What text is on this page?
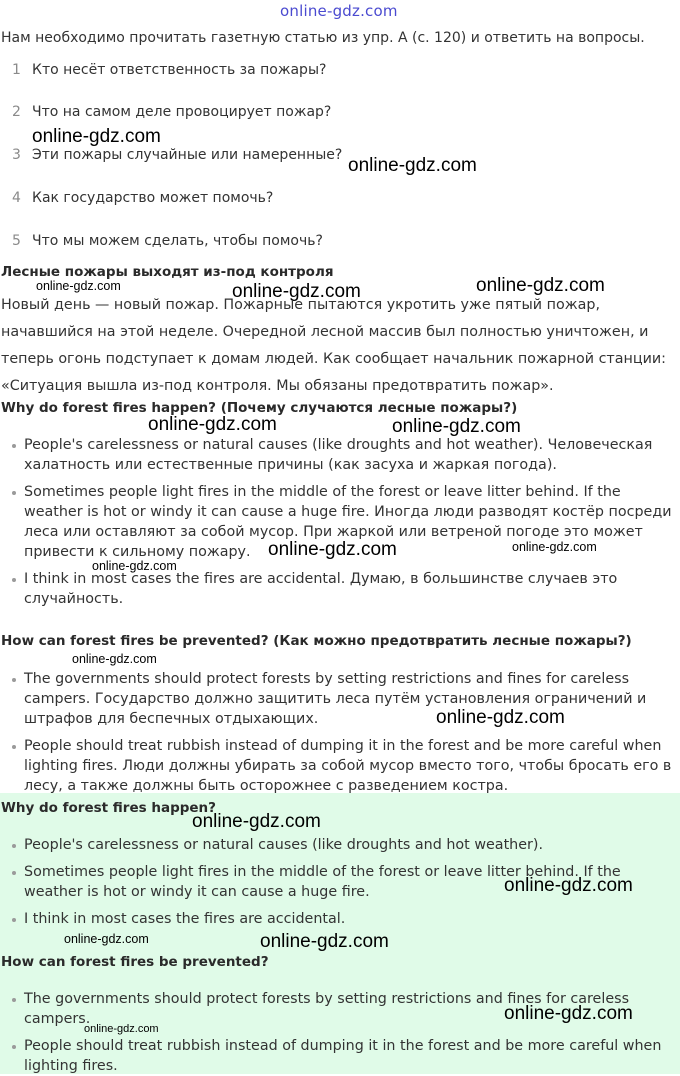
online-gdz.com
Нам необходимо прочитать газетную статью из упр. А (с. 120) и ответить на вопросы.
1 Кто несёт ответственность за пожары?
2 Что на самом деле провоцирует пожар?
3 Эти пожары случайные или намеренные?
4 Как государство может помочь?
5 Что мы можем сделать, чтобы помочь?
Лесные пожары выходят из-под контроля
Новый день — новый пожар. Пожарные пытаются укротить уже пятый пожар, начавшийся на этой неделе. Очередной лесной массив был полностью уничтожен, и теперь огонь подступает к домам людей. Как сообщает начальник пожарной станции: «Ситуация вышла из-под контроля. Мы обязаны предотвратить пожар».
Why do forest fires happen? (Почему случаются лесные пожары?)
People's carelessness or natural causes (like droughts and hot weather). Человеческая халатность или естественные причины (как засуха и жаркая погода).
Sometimes people light fires in the middle of the forest or leave litter behind. If the weather is hot or windy it can cause a huge fire. Иногда люди разводят костёр посреди леса или оставляют за собой мусор. При жаркой или ветреной погоде это может привести к сильному пожару.
I think in most cases the fires are accidental. Думаю, в большинстве случаев это случайность.
How can forest fires be prevented? (Как можно предотвратить лесные пожары?)
The governments should protect forests by setting restrictions and fines for careless campers. Государство должно защитить леса путём установления ограничений и штрафов для беспечных отдыхающих.
People should treat rubbish instead of dumping it in the forest and be more careful when lighting fires. Люди должны убирать за собой мусор вместо того, чтобы бросать его в лесу, а также должны быть осторожнее с разведением костра.
Why do forest fires happen?
People's carelessness or natural causes (like droughts and hot weather).
Sometimes people light fires in the middle of the forest or leave litter behind. If the weather is hot or windy it can cause a huge fire.
I think in most cases the fires are accidental.
How can forest fires be prevented?
The governments should protect forests by setting restrictions and fines for careless campers.
People should treat rubbish instead of dumping it in the forest and be more careful when lighting fires.
online-gdz.com
online-gdz.com
online-gdz.com	online-gdz.com
online-gdz.com
online-gdz.com	online-gdz.com
online-gdz.com	online-gdz.com
online-gdz.com
online-gdz.com
online-gdz.com
online-gdz.com
online-gdz.com
online-gdz.com	online-gdz.com
online-gdz.com
online-gdz.com
